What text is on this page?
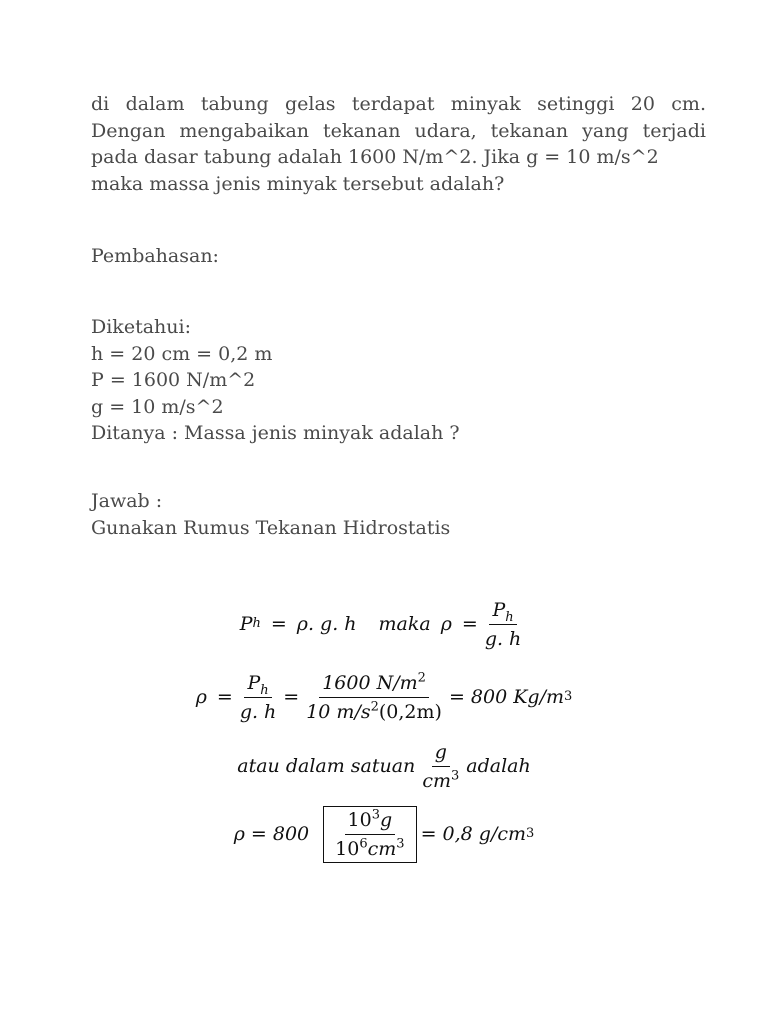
di dalam tabung gelas terdapat minyak setinggi 20 cm.
Dengan mengabaikan tekanan udara, tekanan yang terjadi
pada dasar tabung adalah 1600 N/m^2. Jika g = 10 m/s^2
maka massa jenis minyak tersebut adalah?

Pembahasan:

Diketahui:
h = 20 cm = 0,2 m
P = 1600 N/m^2
g = 10 m/s^2
Ditanya : Massa jenis minyak adalah ?

Jawab :
Gunakan Rumus Tekanan Hidrostatis

P h = ρ. g. h maka $\rho = \frac{P_h}{g. h}$
$\rho = \frac{P_h}{g. h} = \frac{1600 N/m^2}{10 m/s^2(0,2m)} = 800$ Kg/m 3
atau dalam satuan $\frac{g}{cm^3}$ adalah
$\rho = 800 \frac{10^3g}{10^6cm^3} = 0,8$ g/cm 3
